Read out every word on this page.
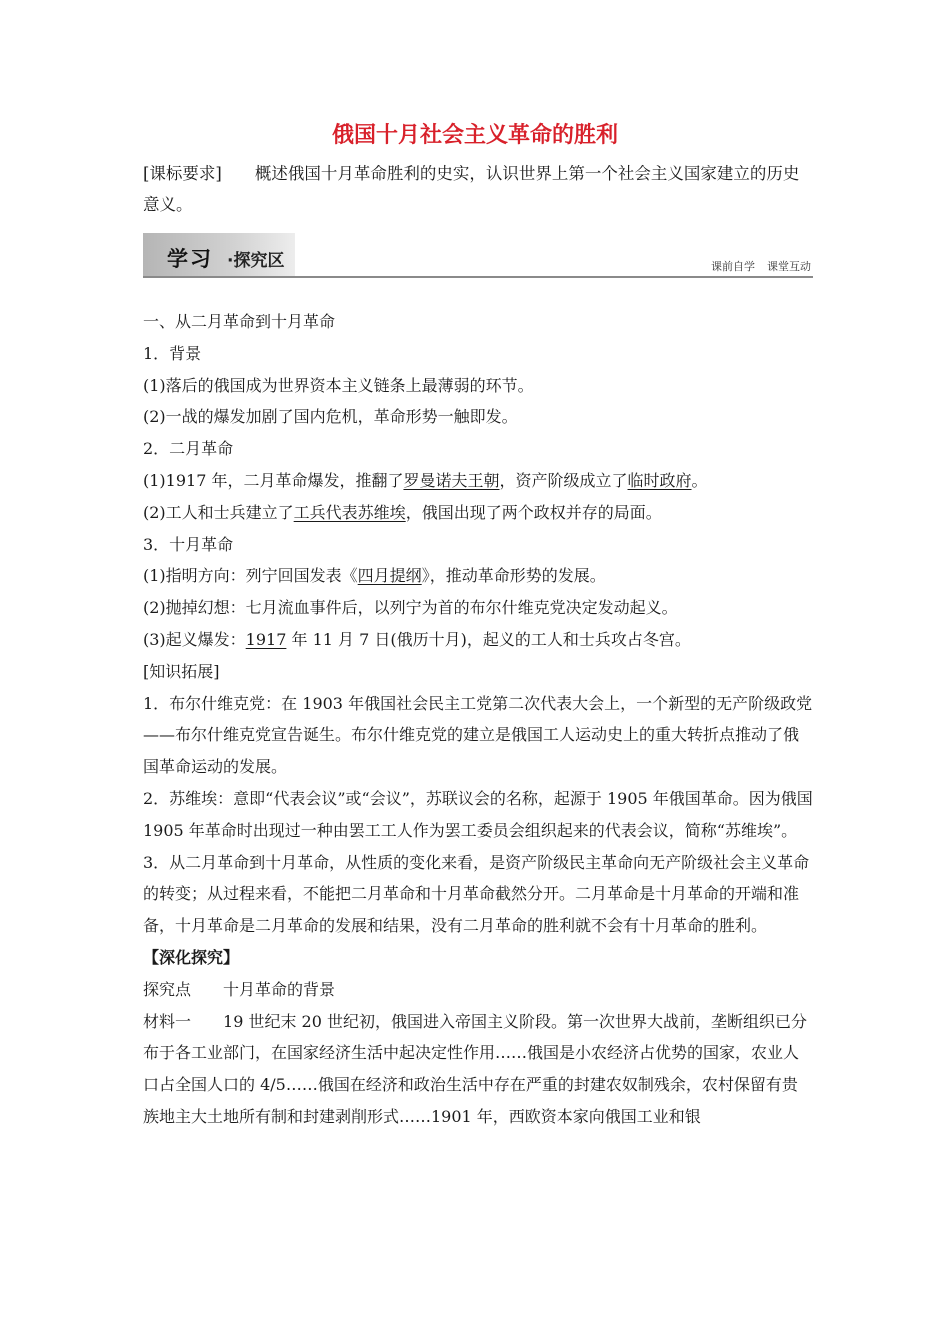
俄国十月社会主义革命的胜利
[课标要求] 概述俄国十月革命胜利的史实，认识世界上第一个社会主义国家建立的历史意义。
学习 ·探究区	课前自学 课堂互动

一、从二月革命到十月革命

1．背景

(1)落后的俄国成为世界资本主义链条上最薄弱的环节。

(2)一战的爆发加剧了国内危机，革命形势一触即发。

2．二月革命

(1)1917 年，二月革命爆发，推翻了罗曼诺夫王朝，资产阶级成立了临时政府。

(2)工人和士兵建立了工兵代表苏维埃，俄国出现了两个政权并存的局面。

3．十月革命

(1)指明方向：列宁回国发表《四月提纲》，推动革命形势的发展。

(2)抛掉幻想：七月流血事件后，以列宁为首的布尔什维克党决定发动起义。

(3)起义爆发：1917 年 11 月 7 日(俄历十月)，起义的工人和士兵攻占冬宫。

[知识拓展]

1．布尔什维克党：在 1903 年俄国社会民主工党第二次代表大会上，一个新型的无产阶级政党——布尔什维克党宣告诞生。布尔什维克党的建立是俄国工人运动史上的重大转折点推动了俄国革命运动的发展。

2．苏维埃：意即“代表会议”或“会议”，苏联议会的名称，起源于 1905 年俄国革命。因为俄国 1905 年革命时出现过一种由罢工工人作为罢工委员会组织起来的代表会议，简称“苏维埃”。

3．从二月革命到十月革命，从性质的变化来看，是资产阶级民主革命向无产阶级社会主义革命的转变；从过程来看，不能把二月革命和十月革命截然分开。二月革命是十月革命的开端和准备，十月革命是二月革命的发展和结果，没有二月革命的胜利就不会有十月革命的胜利。

【深化探究】

探究点 十月革命的背景

材料一 19 世纪末 20 世纪初，俄国进入帝国主义阶段。第一次世界大战前，垄断组织已分布于各工业部门，在国家经济生活中起决定性作用……俄国是小农经济占优势的国家，农业人口占全国人口的 4/5……俄国在经济和政治生活中存在严重的封建农奴制残余，农村保留有贵族地主大土地所有制和封建剥削形式……1901 年，西欧资本家向俄国工业和银
